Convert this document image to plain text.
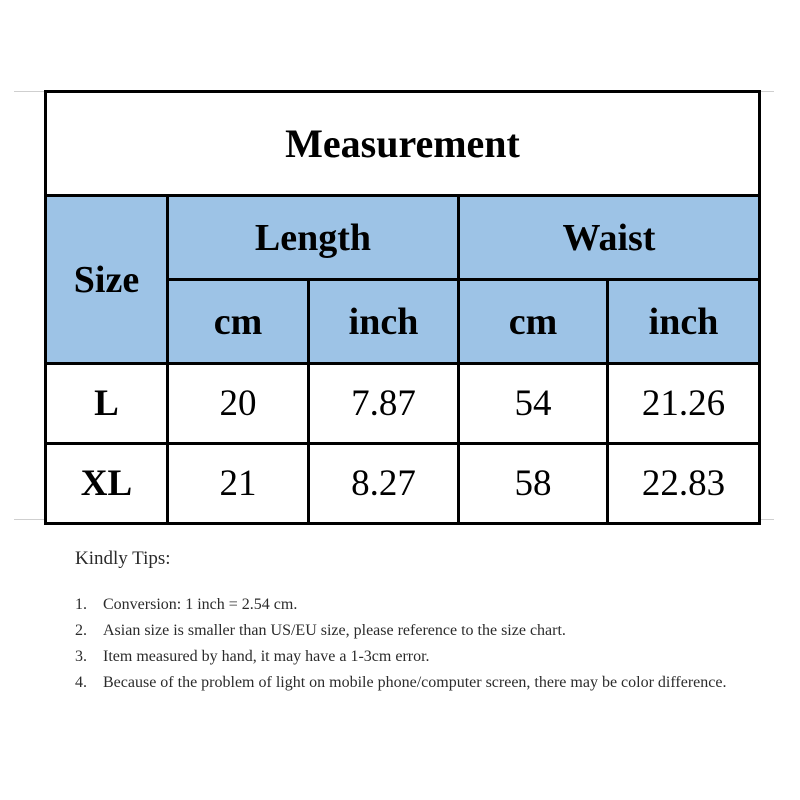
Measurement				
Size	Length		Waist	
	cm	inch	cm	inch
L	20	7.87	54	21.26
XL	21	8.27	58	22.83
Kindly Tips:
1.	Conversion: 1 inch = 2.54 cm.
2.	Asian size is smaller than US/EU size, please reference to the size chart.
3.	Item measured by hand, it may have a 1-3cm error.
4.	Because of the problem of light on mobile phone/computer screen, there may be color difference.
